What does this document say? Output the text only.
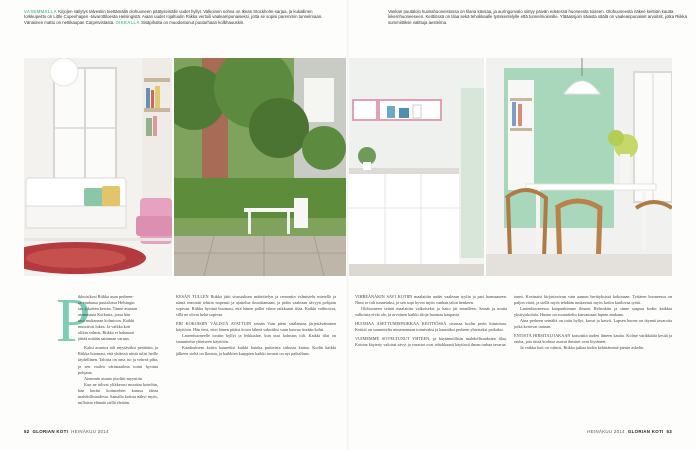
VASEMMALLA Kirjojen säilytys talvestiin teettämällä olohuoneen päätyseinälle uudet hyllyt. Valkoinen sohva on Ikean Stockholm-sarjaa, ja kukallinen torkkupeitto on Little Copenhagen -tavarottiloesta Helsingistä. Aiaan uudet rojaltuulin Riikka vertoili vaaleampunaiseksi, jotta se sopisi paremmin tunnelmaan. Vänaiinen mattu on nettikaupan Carpetvistasta. OIKEALLA Sisäpihalta on muodostunut puutarhaan kolbhauuskin.
Vankan puutaloin kuimahuoneistossa on tilana kävsaa, ja auringonvalo siirtyy päivän edetessä huoneesta toiseen. Olohuoneesta näkee keittiön kautta lekemhuoneeseen. Keittiössä on tilaa sekä tehokkaalle työskentelylle että tunnelmoinnille. Ylääassjoin säiasta säälä on vaaleanpunaiset arvoitsit, jotka Riikka summiittikse valittuja aesteima.
P
ikkuisikosi Riikka asuu perheen-
sa vanhassa puutalossa Helsingin
ran jokaisen kerran. Tänne asutaan
aiemmasta Kotkasta, jossa hän
asui mukanaan kolmioon. Kaikki
muuttivat lukea. Ja vaikka koti
olikin valmis, Riikka ei halunnut
jättää mitään sattuman varaan.

Kaksi asuntoa tuli myytäväksi perättäin, ja Riikka huomasi, että yhdessä niistä tulisi heille täydellinen. Talosta on oma iso ja vehreä piha, ja sen vaalea värimaailma toimi hyvänä pohjana.

Aiemmin asunto puolitti myyntiin.

Kun ne tulivat ylikkerasi muuttaa koteihin, hän keräsi kotimiehen kanssa ideaa mahdollisuudesta. Samalla kotista näkyi myös, millaista elämää siellä eletään.

KESÄN TULLEN Riikka jätti sisustuksen määrittelyn ja remontin valmistelu mietellä ja nämä remontit tehtiin nopeasti ja ajattelua ilmoittamaan, ja pidin vaaleaan sävyyn pohjaan sopivan. Riikka hyvänä huomasi, että hänen palloi viime raikkaasti tilaa. Kaikki vaihtoivat, sillä ne olivat kehä sopivaa.

ERI KOKOISIIN VÄLISTÄ AVATTUIN seinän Vain pieni sisälaisina järjestäväminen käyttöön. Hän tiesi, ettei hänen pitäisi kotoa lähteä valmiiksi vaan kasvaa itseään kohti.

Lastenhuoneelle tuotiin hyllyt ja leikkialue, kun uusi kalustus tuli. Kaikki tilat on suunniteltu yhteiseen käyttöön.

Kaadoukseni kotiin kauneiksi kaikki kuinka puitteista sirkusta kattaa. Kodin kaikki jälkeen sieltä on Ikeasta, ja kaikkien kaappien kaikki tavarat on nyt paikallaan.

VIHREÄNÄKIN SAVI KOTIIN maalattiin uudet vaaleaan tyylin ja pari harmaaseen. Nimi se tuli tunnetuksi, ja sen sopi hyvin myös vanhan talon henkeen.

Olohuoneen seinät maalattiin valkoiseksi ja katto jäi ennalleen. Seinät ja mutta valkoisia eivät ole, ja arvoinen kaikki tiloja huomaa kaupasta.

HUOMAA ASETTUMISPAIKKAA KEITTIÖSSÄ sisustaa kodin perin kiintoisaa. Keittiö on suunniteltu nimenomaan toimivaksi ja kauniiksi perheen yhteiseksi paikaksi.

VUIMEMME SOVELTUNUT YHTEEN, ja käytännöllisin mahdollisuuksien tilaa. Kotona käytetty valoisat sävyt ja varastot ovat tehokkaasti käytössä ilman turhaa tavaraa.

tonni. Kovinaisi kirjastosivun vain aamun herätyksissä kokonaan. Tyttären huoneessa on paljon väriä, ja siellä myös tehdään mukavasti myös kotiin kuuluvaa työtä.

Lastenhuoneessa kaupunkimme ilmaisi Helsinkiin ja sinne saapuu kodin kaikkia yksityiskohtia. Huone on suunniteltu kasvamaan lapsen mukana.

Aina perheen seinältä on tuttu hyllyt, kuvat ja kasvit. Lapsen huone on täynnä tavaroita jotka kertovat tarinan.

ENTISTÄ HIRSITALOAKAAN katsottiin uuden ilmeen kautta. Kolme värikkäätä kesää ja rauha, jota tässä kodissa asuvat ihmiset ovat löytäneet.

Ja vaikka koti on valmis, Riikka jatkaa kodin kehittämistä pienin askelin.

52 GLORIAN KOTI HEINÄKUU 2014	HEINÄKUU 2014 GLORIAN KOTI 53
